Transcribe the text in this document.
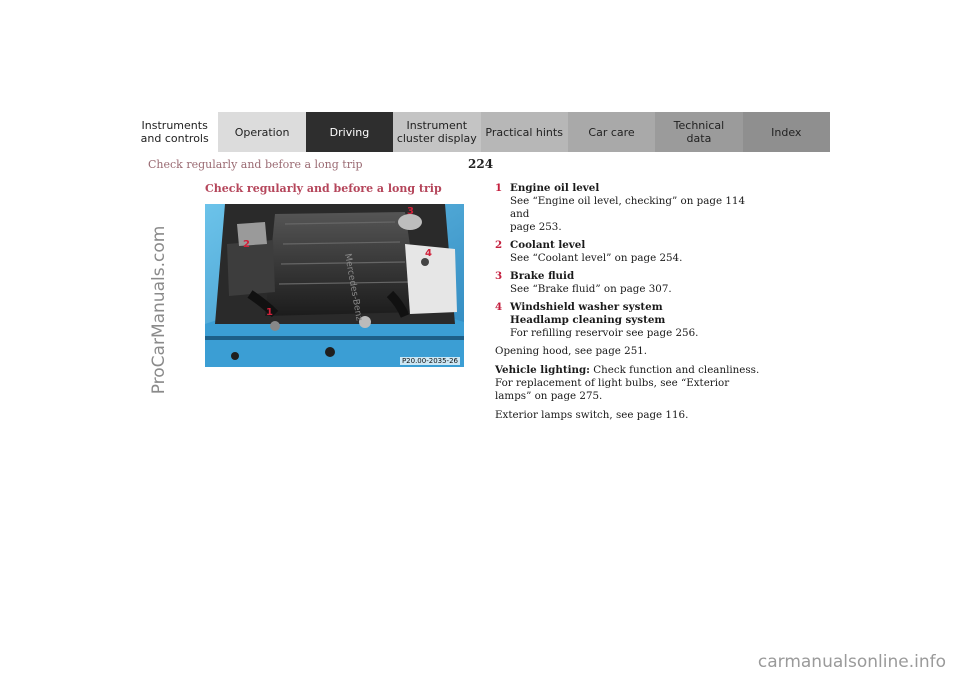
Instruments
and controls	Operation	Driving	Instrument
cluster display Practical hints	Car care	Technical
data	Index
Check regularly and before a long trip	224
ProCarManuals.com
carmanualsonline.info
Check regularly and before a long trip
Mercedes-Benz
1
2
3
4
P20.00-2035-26
1 Engine oil level
See “Engine oil level, checking” on page 114 and
page 253.
2 Coolant level
See “Coolant level” on page 254.
3 Brake fluid
See “Brake fluid” on page 307.
4 Windshield washer system
Headlamp cleaning system
For refilling reservoir see page 256.

Opening hood, see page 251.

Vehicle lighting: Check function and cleanliness. For replacement of light bulbs, see “Exterior lamps” on page 275.

Exterior lamps switch, see page 116.
